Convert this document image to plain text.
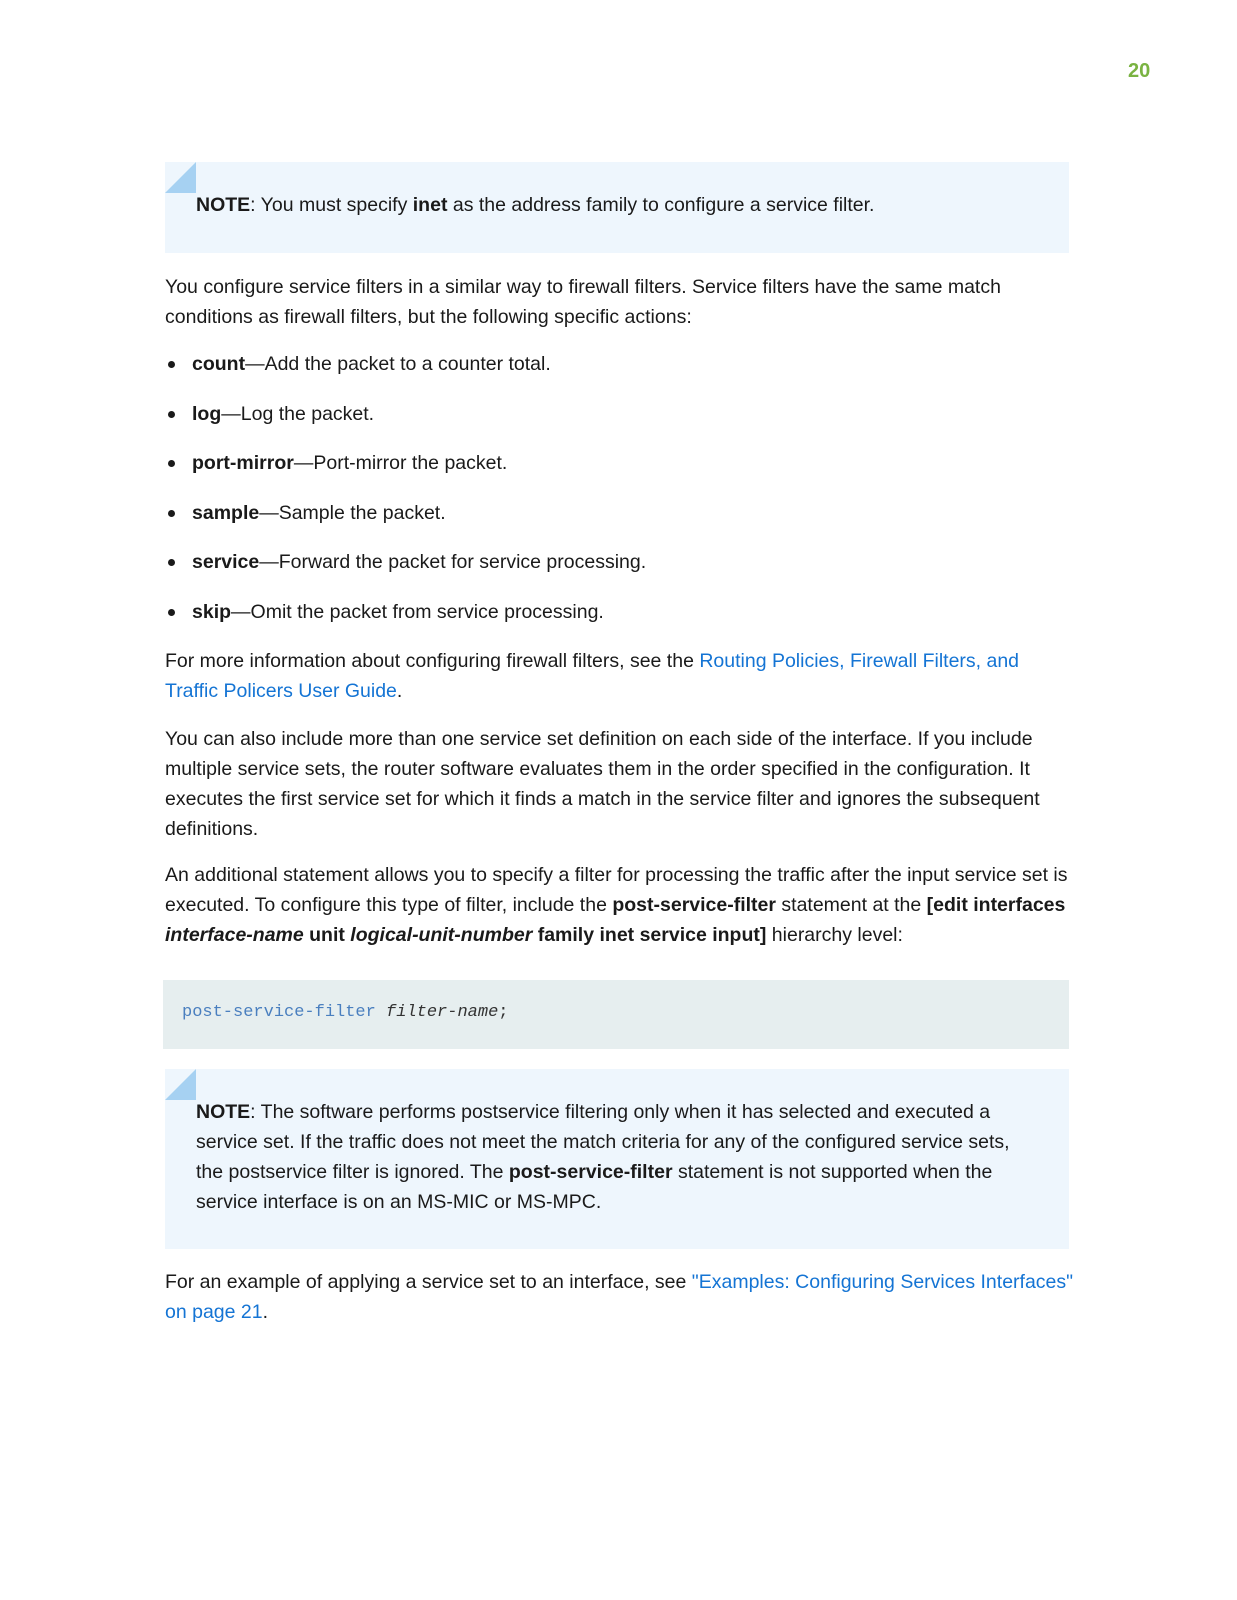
20
NOTE: You must specify inet as the address family to configure a service filter.

You configure service filters in a similar way to firewall filters. Service filters have the same match conditions as firewall filters, but the following specific actions:

count—Add the packet to a counter total.
log—Log the packet.
port-mirror—Port-mirror the packet.
sample—Sample the packet.
service—Forward the packet for service processing.
skip—Omit the packet from service processing.

For more information about configuring firewall filters, see the Routing Policies, Firewall Filters, and Traffic Policers User Guide.

You can also include more than one service set definition on each side of the interface. If you include multiple service sets, the router software evaluates them in the order specified in the configuration. It executes the first service set for which it finds a match in the service filter and ignores the subsequent definitions.

An additional statement allows you to specify a filter for processing the traffic after the input service set is executed. To configure this type of filter, include the post-service-filter statement at the [edit interfaces interface-name unit logical-unit-number family inet service input] hierarchy level:

post-service-filter filter-name;
NOTE: The software performs postservice filtering only when it has selected and executed a service set. If the traffic does not meet the match criteria for any of the configured service sets, the postservice filter is ignored. The post-service-filter statement is not supported when the service interface is on an MS-MIC or MS-MPC.

For an example of applying a service set to an interface, see "Examples: Configuring Services Interfaces" on page 21.
